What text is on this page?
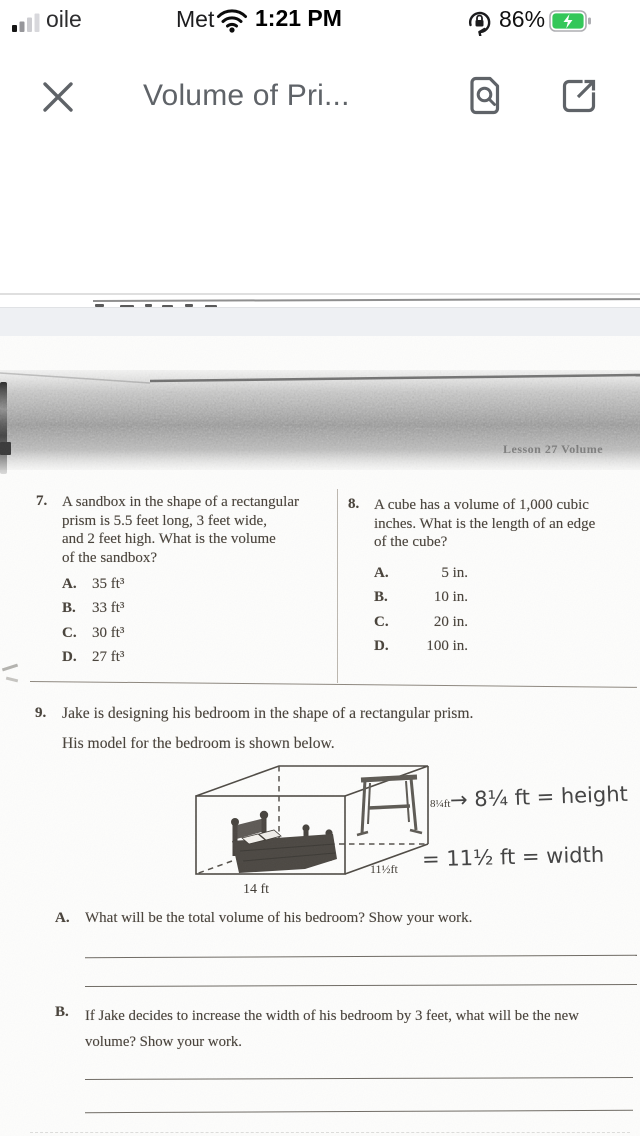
oile	Met 1:21 PM	86%
Volume of Pri...
Lesson 27 Volume
7. A sandbox in the shape of a rectangular
prism is 5.5 feet long, 3 feet wide,
and 2 feet high. What is the volume
of the sandbox?
A. 35 ft³
B. 33 ft³
C. 30 ft³
D. 27 ft³
8. A cube has a volume of 1,000 cubic
inches. What is the length of an edge
of the cube?
A.	5 in.
B.	10 in.
C.	20 in.
D.	100 in.
9. Jake is designing his bedroom in the shape of a rectangular prism.
His model for the bedroom is shown below.
14 ft
11½ft
8¼ft → 8¼ ft = height
= 11½ ft = width
A. What will be the total volume of his bedroom? Show your work.
B. If Jake decides to increase the width of his bedroom by 3 feet, what will be the new
volume? Show your work.
